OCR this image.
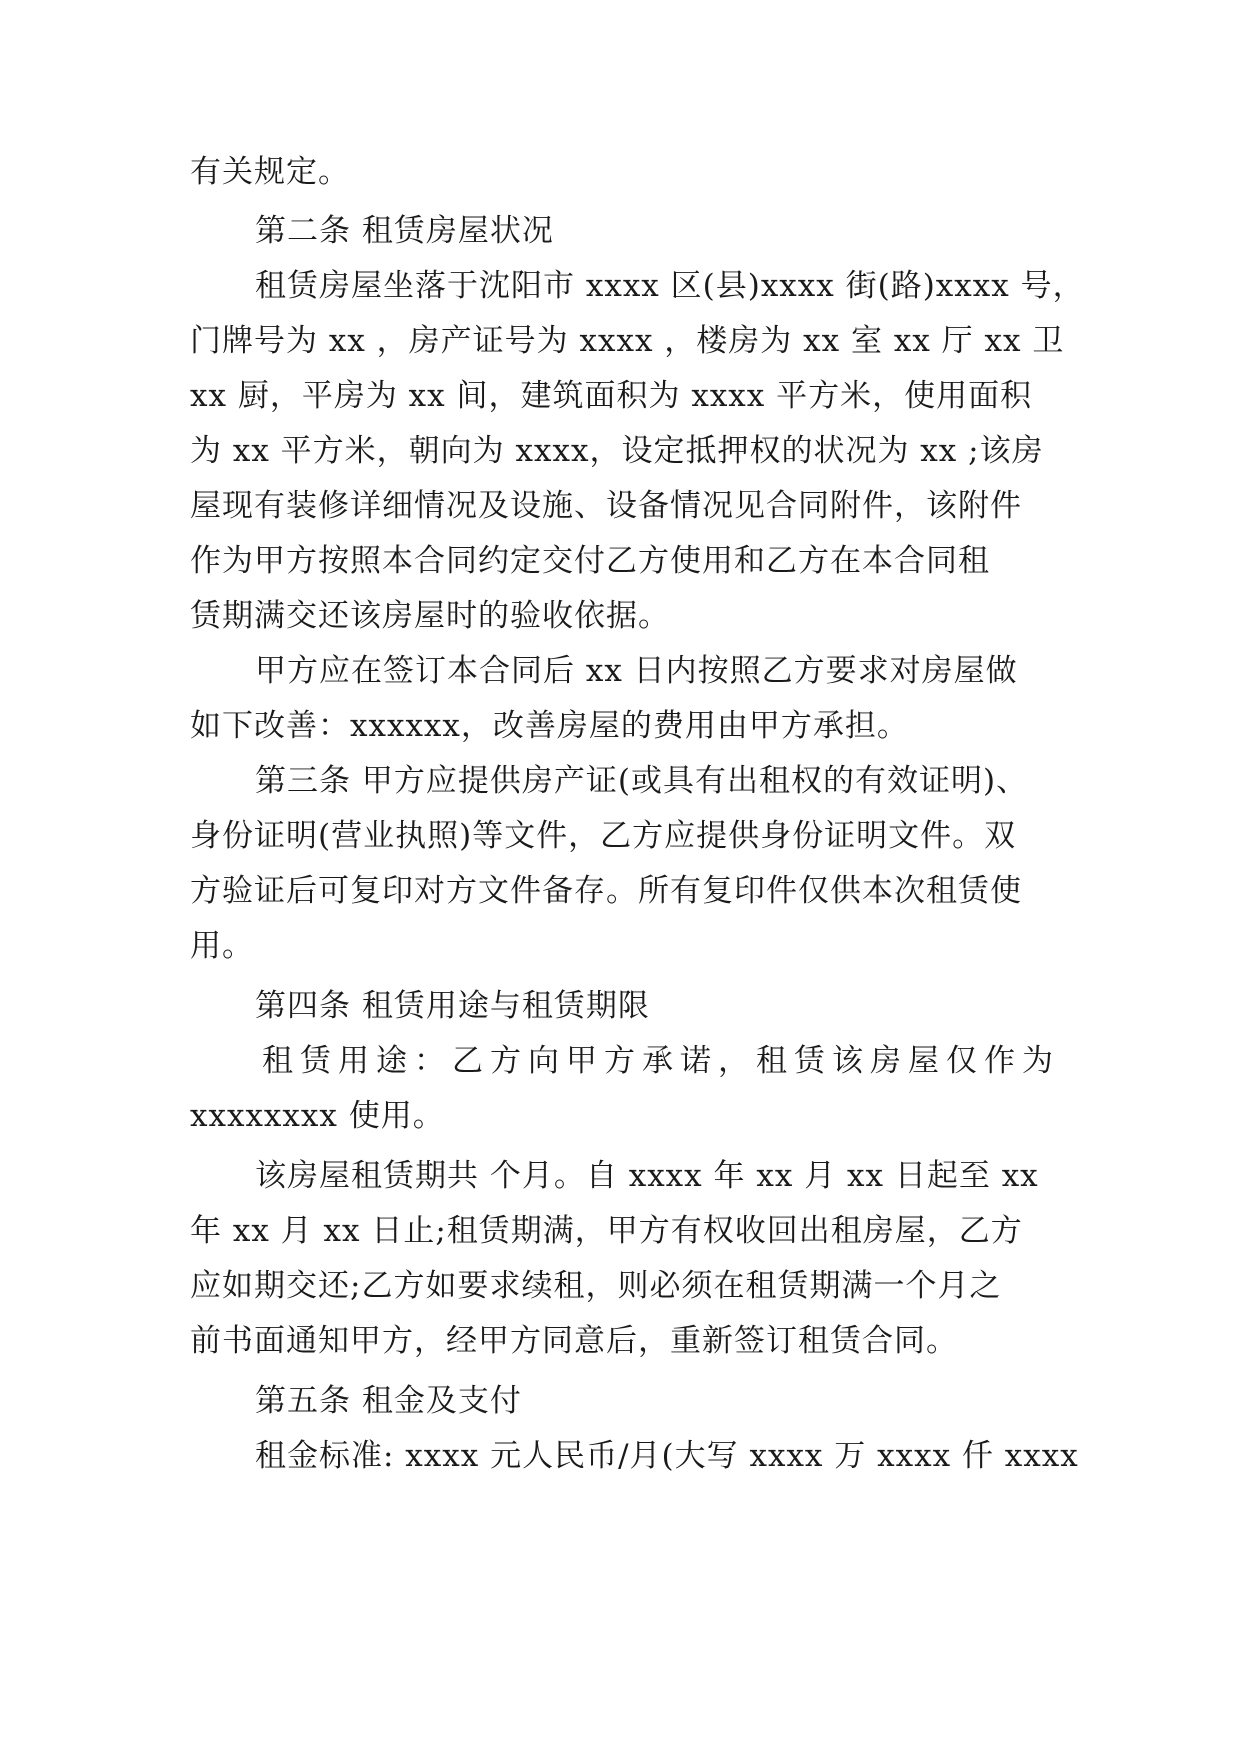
有关规定。
第二条 租赁房屋状况
租赁房屋坐落于沈阳市 xxxx 区(县)xxxx 街(路)xxxx 号，
门牌号为 xx ，房产证号为 xxxx ，楼房为 xx 室 xx 厅 xx 卫
xx 厨，平房为 xx 间，建筑面积为 xxxx 平方米，使用面积
为 xx 平方米，朝向为 xxxx，设定抵押权的状况为 xx ;该房
屋现有装修详细情况及设施、设备情况见合同附件，该附件
作为甲方按照本合同约定交付乙方使用和乙方在本合同租
赁期满交还该房屋时的验收依据。
甲方应在签订本合同后 xx 日内按照乙方要求对房屋做
如下改善：xxxxxx，改善房屋的费用由甲方承担。
第三条 甲方应提供房产证(或具有出租权的有效证明)、
身份证明(营业执照)等文件，乙方应提供身份证明文件。双
方验证后可复印对方文件备存。所有复印件仅供本次租赁使
用。
第四条 租赁用途与租赁期限
租赁用途：乙方向甲方承诺，租赁该房屋仅作为
xxxxxxxx 使用。
该房屋租赁期共 个月。自 xxxx 年 xx 月 xx 日起至 xx
年 xx 月 xx 日止;租赁期满，甲方有权收回出租房屋，乙方
应如期交还;乙方如要求续租，则必须在租赁期满一个月之
前书面通知甲方，经甲方同意后，重新签订租赁合同。
第五条 租金及支付
租金标准: xxxx 元人民币/月(大写 xxxx 万 xxxx 仟 xxxx
